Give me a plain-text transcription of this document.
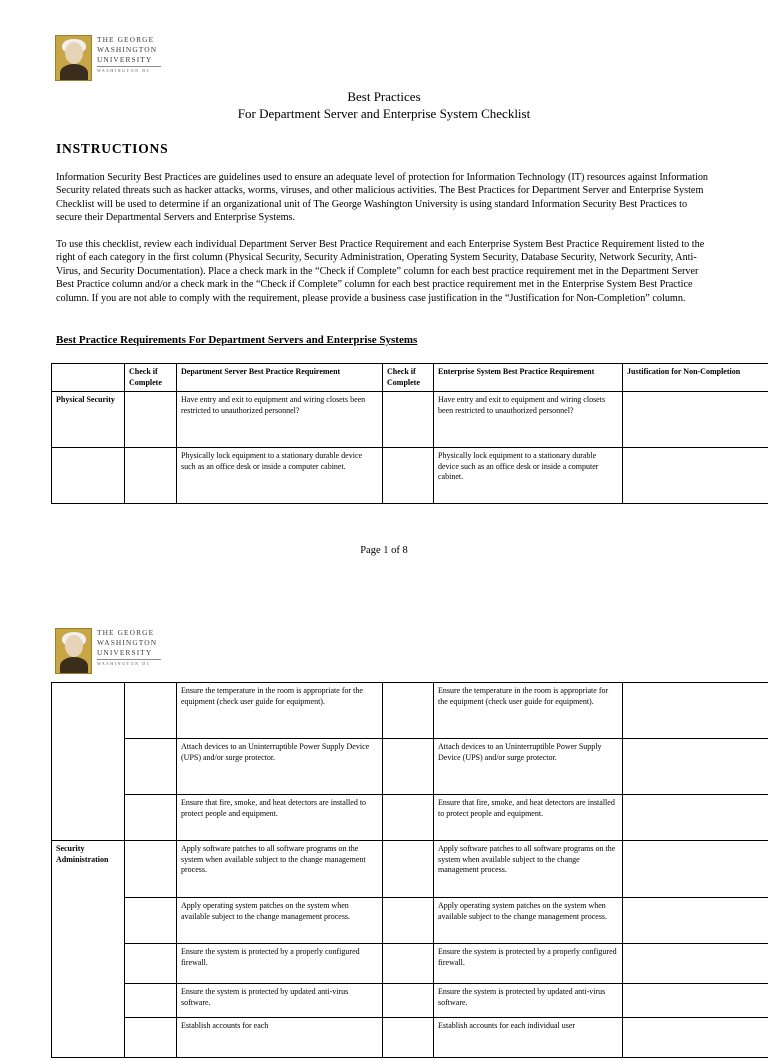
THE GEORGE
WASHINGTON
UNIVERSITY
WASHINGTON DC
Best Practices
For Department Server and Enterprise System Checklist
INSTRUCTIONS
Information Security Best Practices are guidelines used to ensure an adequate level of protection for Information Technology (IT) resources against Information Security related threats such as hacker attacks, worms, viruses, and other malicious activities. The Best Practices for Department Server and Enterprise System Checklist will be used to determine if an organizational unit of The George Washington University is using standard Information Security Best Practices to secure their Departmental Servers and Enterprise Systems.
To use this checklist, review each individual Department Server Best Practice Requirement and each Enterprise System Best Practice Requirement listed to the right of each category in the first column (Physical Security, Security Administration, Operating System Security, Database Security, Network Security, Anti-Virus, and Security Documentation). Place a check mark in the “Check if Complete” column for each best practice requirement met in the Department Server Best Practice column and/or a check mark in the “Check if Complete” column for each best practice requirement met in the Enterprise System Best Practice column. If you are not able to comply with the requirement, please provide a business case justification in the “Justification for Non-Completion” column.
Best Practice Requirements For Department Servers and Enterprise Systems
	Check if Complete	Department Server Best Practice Requirement	Check if Complete	Enterprise System Best Practice Requirement	Justification for Non-Completion
Physical Security		Have entry and exit to equipment and wiring closets been restricted to unauthorized personnel?		Have entry and exit to equipment and wiring closets been restricted to unauthorized personnel?	
		Physically lock equipment to a stationary durable device such as an office desk or inside a computer cabinet.		Physically lock equipment to a stationary durable device such as an office desk or inside a computer cabinet.	
Page 1 of 8
THE GEORGE
WASHINGTON
UNIVERSITY
WASHINGTON DC
		Ensure the temperature in the room is appropriate for the equipment (check user guide for equipment).		Ensure the temperature in the room is appropriate for the equipment (check user guide for equipment).	
		Attach devices to an Uninterruptible Power Supply Device (UPS) and/or surge protector.		Attach devices to an Uninterruptible Power Supply Device (UPS) and/or surge protector.	
		Ensure that fire, smoke, and heat detectors are installed to protect people and equipment.		Ensure that fire, smoke, and heat detectors are installed to protect people and equipment.	
Security Administration		Apply software patches to all software programs on the system when available subject to the change management process.		Apply software patches to all software programs on the system when available subject to the change management process.	
		Apply operating system patches on the system when available subject to the change management process.		Apply operating system patches on the system when available subject to the change management process.	
		Ensure the system is protected by a properly configured firewall.		Ensure the system is protected by a properly configured firewall.	
		Ensure the system is protected by updated anti-virus software.		Ensure the system is protected by updated anti-virus software.	
		Establish accounts for each		Establish accounts for each individual user	
